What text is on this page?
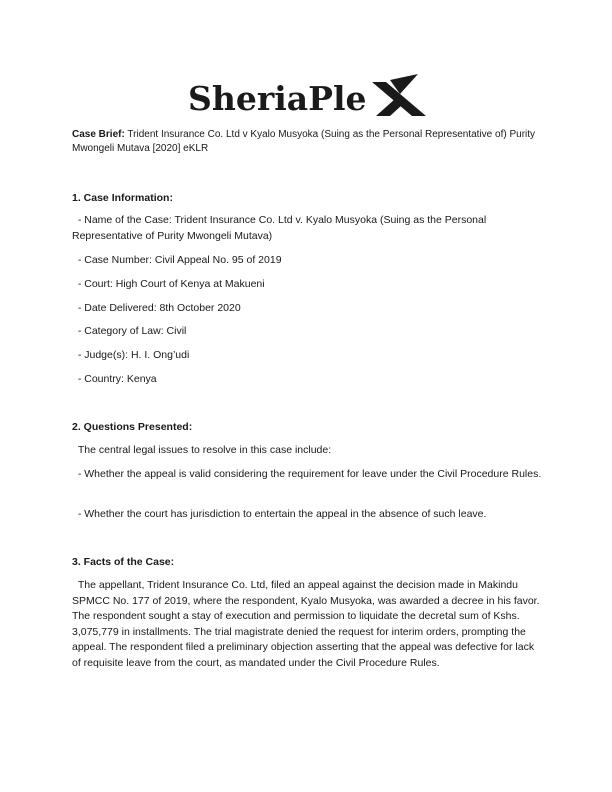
SheriaPle
Case Brief: Trident Insurance Co. Ltd v Kyalo Musyoka (Suing as the Personal Representative of) Purity Mwongeli Mutava [2020] eKLR
1. Case Information:
- Name of the Case: Trident Insurance Co. Ltd v. Kyalo Musyoka (Suing as the Personal Representative of Purity Mwongeli Mutava)
- Case Number: Civil Appeal No. 95 of 2019
- Court: High Court of Kenya at Makueni
- Date Delivered: 8th October 2020
- Category of Law: Civil
- Judge(s): H. I. Ong’udi
- Country: Kenya
2. Questions Presented:
The central legal issues to resolve in this case include:
- Whether the appeal is valid considering the requirement for leave under the Civil Procedure Rules.
- Whether the court has jurisdiction to entertain the appeal in the absence of such leave.
3. Facts of the Case:
The appellant, Trident Insurance Co. Ltd, filed an appeal against the decision made in Makindu SPMCC No. 177 of 2019, where the respondent, Kyalo Musyoka, was awarded a decree in his favor. The respondent sought a stay of execution and permission to liquidate the decretal sum of Kshs. 3,075,779 in installments. The trial magistrate denied the request for interim orders, prompting the appeal. The respondent filed a preliminary objection asserting that the appeal was defective for lack of requisite leave from the court, as mandated under the Civil Procedure Rules.
